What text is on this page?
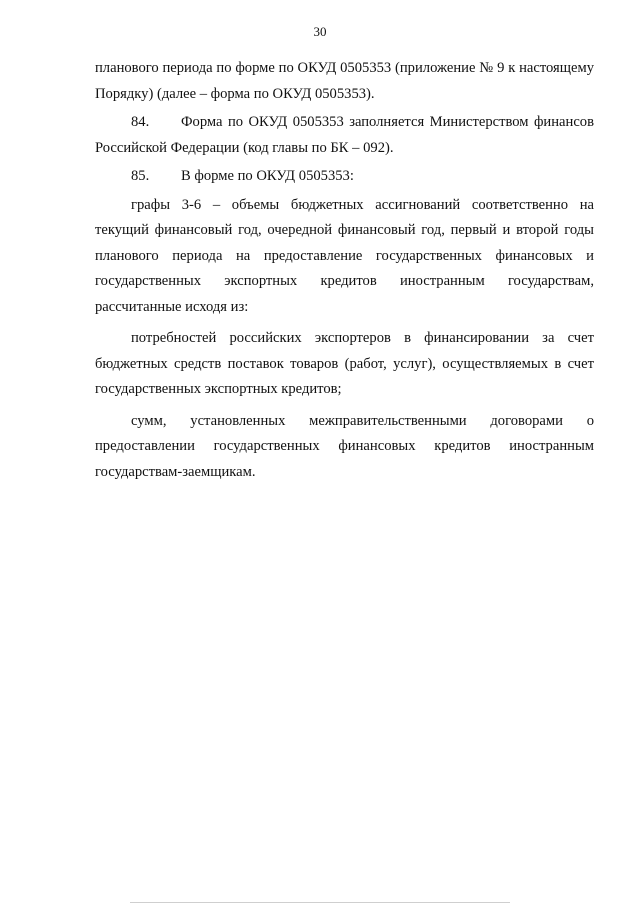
30

планового периода по форме по ОКУД 0505353 (приложение № 9 к настоящему Порядку) (далее – форма по ОКУД 0505353).

84. Форма по ОКУД 0505353 заполняется Министерством финансов Российской Федерации (код главы по БК – 092).

85. В форме по ОКУД 0505353:

графы 3-6 – объемы бюджетных ассигнований соответственно на текущий финансовый год, очередной финансовый год, первый и второй годы планового периода на предоставление государственных финансовых и государственных экспортных кредитов иностранным государствам, рассчитанные исходя из:

потребностей российских экспортеров в финансировании за счет бюджетных средств поставок товаров (работ, услуг), осуществляемых в счет государственных экспортных кредитов;

сумм, установленных межправительственными договорами о предоставлении государственных финансовых кредитов иностранным государствам-заемщикам.
